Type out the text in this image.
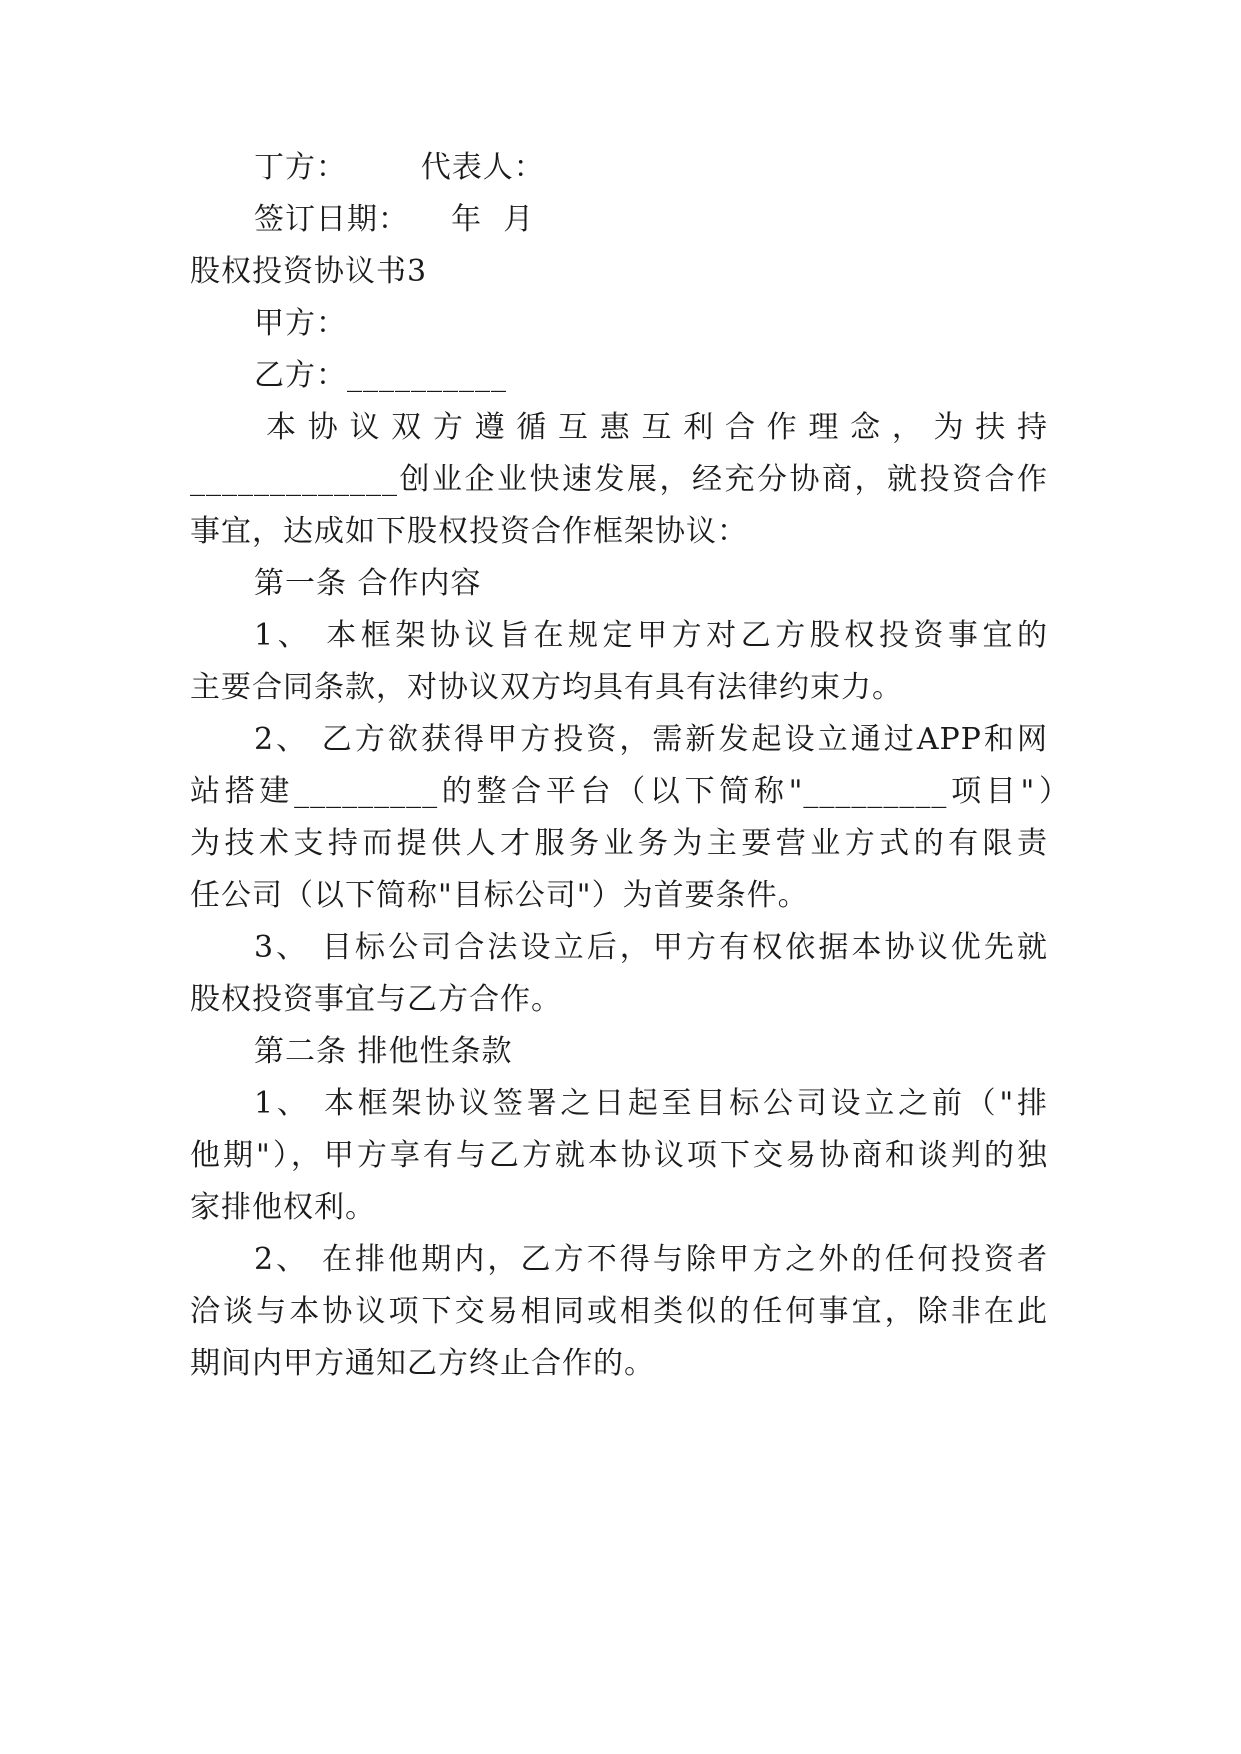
丁方：       代表人：
签订日期：    年  月
股权投资协议书3
甲方：
乙方：__________
本协议双方遵循互惠互利合作理念，为扶持
_____________创业企业快速发展，经充分协商，就投资合作
事宜，达成如下股权投资合作框架协议：
第一条 合作内容
1、 本框架协议旨在规定甲方对乙方股权投资事宜的
主要合同条款，对协议双方均具有具有法律约束力。
2、 乙方欲获得甲方投资，需新发起设立通过APP和网
站搭建_________的整合平台（以下简称"_________项目"）
为技术支持而提供人才服务业务为主要营业方式的有限责
任公司（以下简称"目标公司"）为首要条件。
3、 目标公司合法设立后，甲方有权依据本协议优先就
股权投资事宜与乙方合作。
第二条 排他性条款
1、 本框架协议签署之日起至目标公司设立之前（"排
他期"），甲方享有与乙方就本协议项下交易协商和谈判的独
家排他权利。
2、 在排他期内，乙方不得与除甲方之外的任何投资者
洽谈与本协议项下交易相同或相类似的任何事宜，除非在此
期间内甲方通知乙方终止合作的。
